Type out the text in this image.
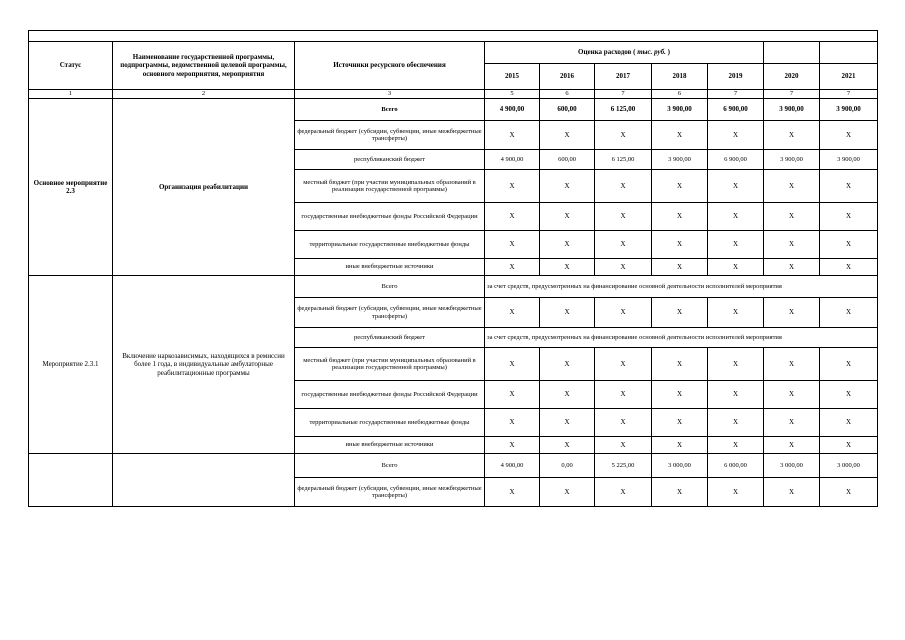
Статус	Наименование государственной программы, подпрограммы, ведомственной целевой программы, основного мероприятия, мероприятия	Источники ресурсного обеспечения	Оценка расходов ( тыс. руб. )						
			2015	2016	2017	2018	2019	2020	2021
1	2	3	5	6	7	6	7	7	7
Основное мероприятие 2.3	Организация реабилитации	Всего	4 900,00	600,00	6 125,00	3 900,00	6 900,00	3 900,00	3 900,00
		федеральный бюджет (субсидии, субвенции, иные межбюджетные трансферты)	X	X	X	X	X	X	X
		республиканский бюджет	4 900,00	600,00	6 125,00	3 900,00	6 900,00	3 900,00	3 900,00
		местный бюджет (при участии муниципальных образований в реализации государственной программы)	X	X	X	X	X	X	X
		государственные внебюджетные фонды Российской Федерации	X	X	X	X	X	X	X
		территориальные государственные внебюджетные фонды	X	X	X	X	X	X	X
		иные внебюджетные источники	X	X	X	X	X	X	X
Мероприятие 2.3.1	Включение наркозависимых, находящихся в ремиссии более 1 года, в индивидуальные амбулаторные реабилитационные программы	Всего	за счет средств, предусмотренных на финансирование основной деятельности исполнителей мероприятия						
		федеральный бюджет (субсидии, субвенции, иные межбюджетные трансферты)	X	X	X	X	X	X	X
		республиканский бюджет	за счет средств, предусмотренных на финансирование основной деятельности исполнителей мероприятия						
		местный бюджет (при участии муниципальных образований в реализации государственной программы)	X	X	X	X	X	X	X
		государственные внебюджетные фонды Российской Федерации	X	X	X	X	X	X	X
		территориальные государственные внебюджетные фонды	X	X	X	X	X	X	X
		иные внебюджетные источники	X	X	X	X	X	X	X
		Всего	4 900,00	0,00	5 225,00	3 000,00	6 000,00	3 000,00	3 000,00
		федеральный бюджет (субсидии, субвенции, иные межбюджетные трансферты)	X	X	X	X	X	X	X
